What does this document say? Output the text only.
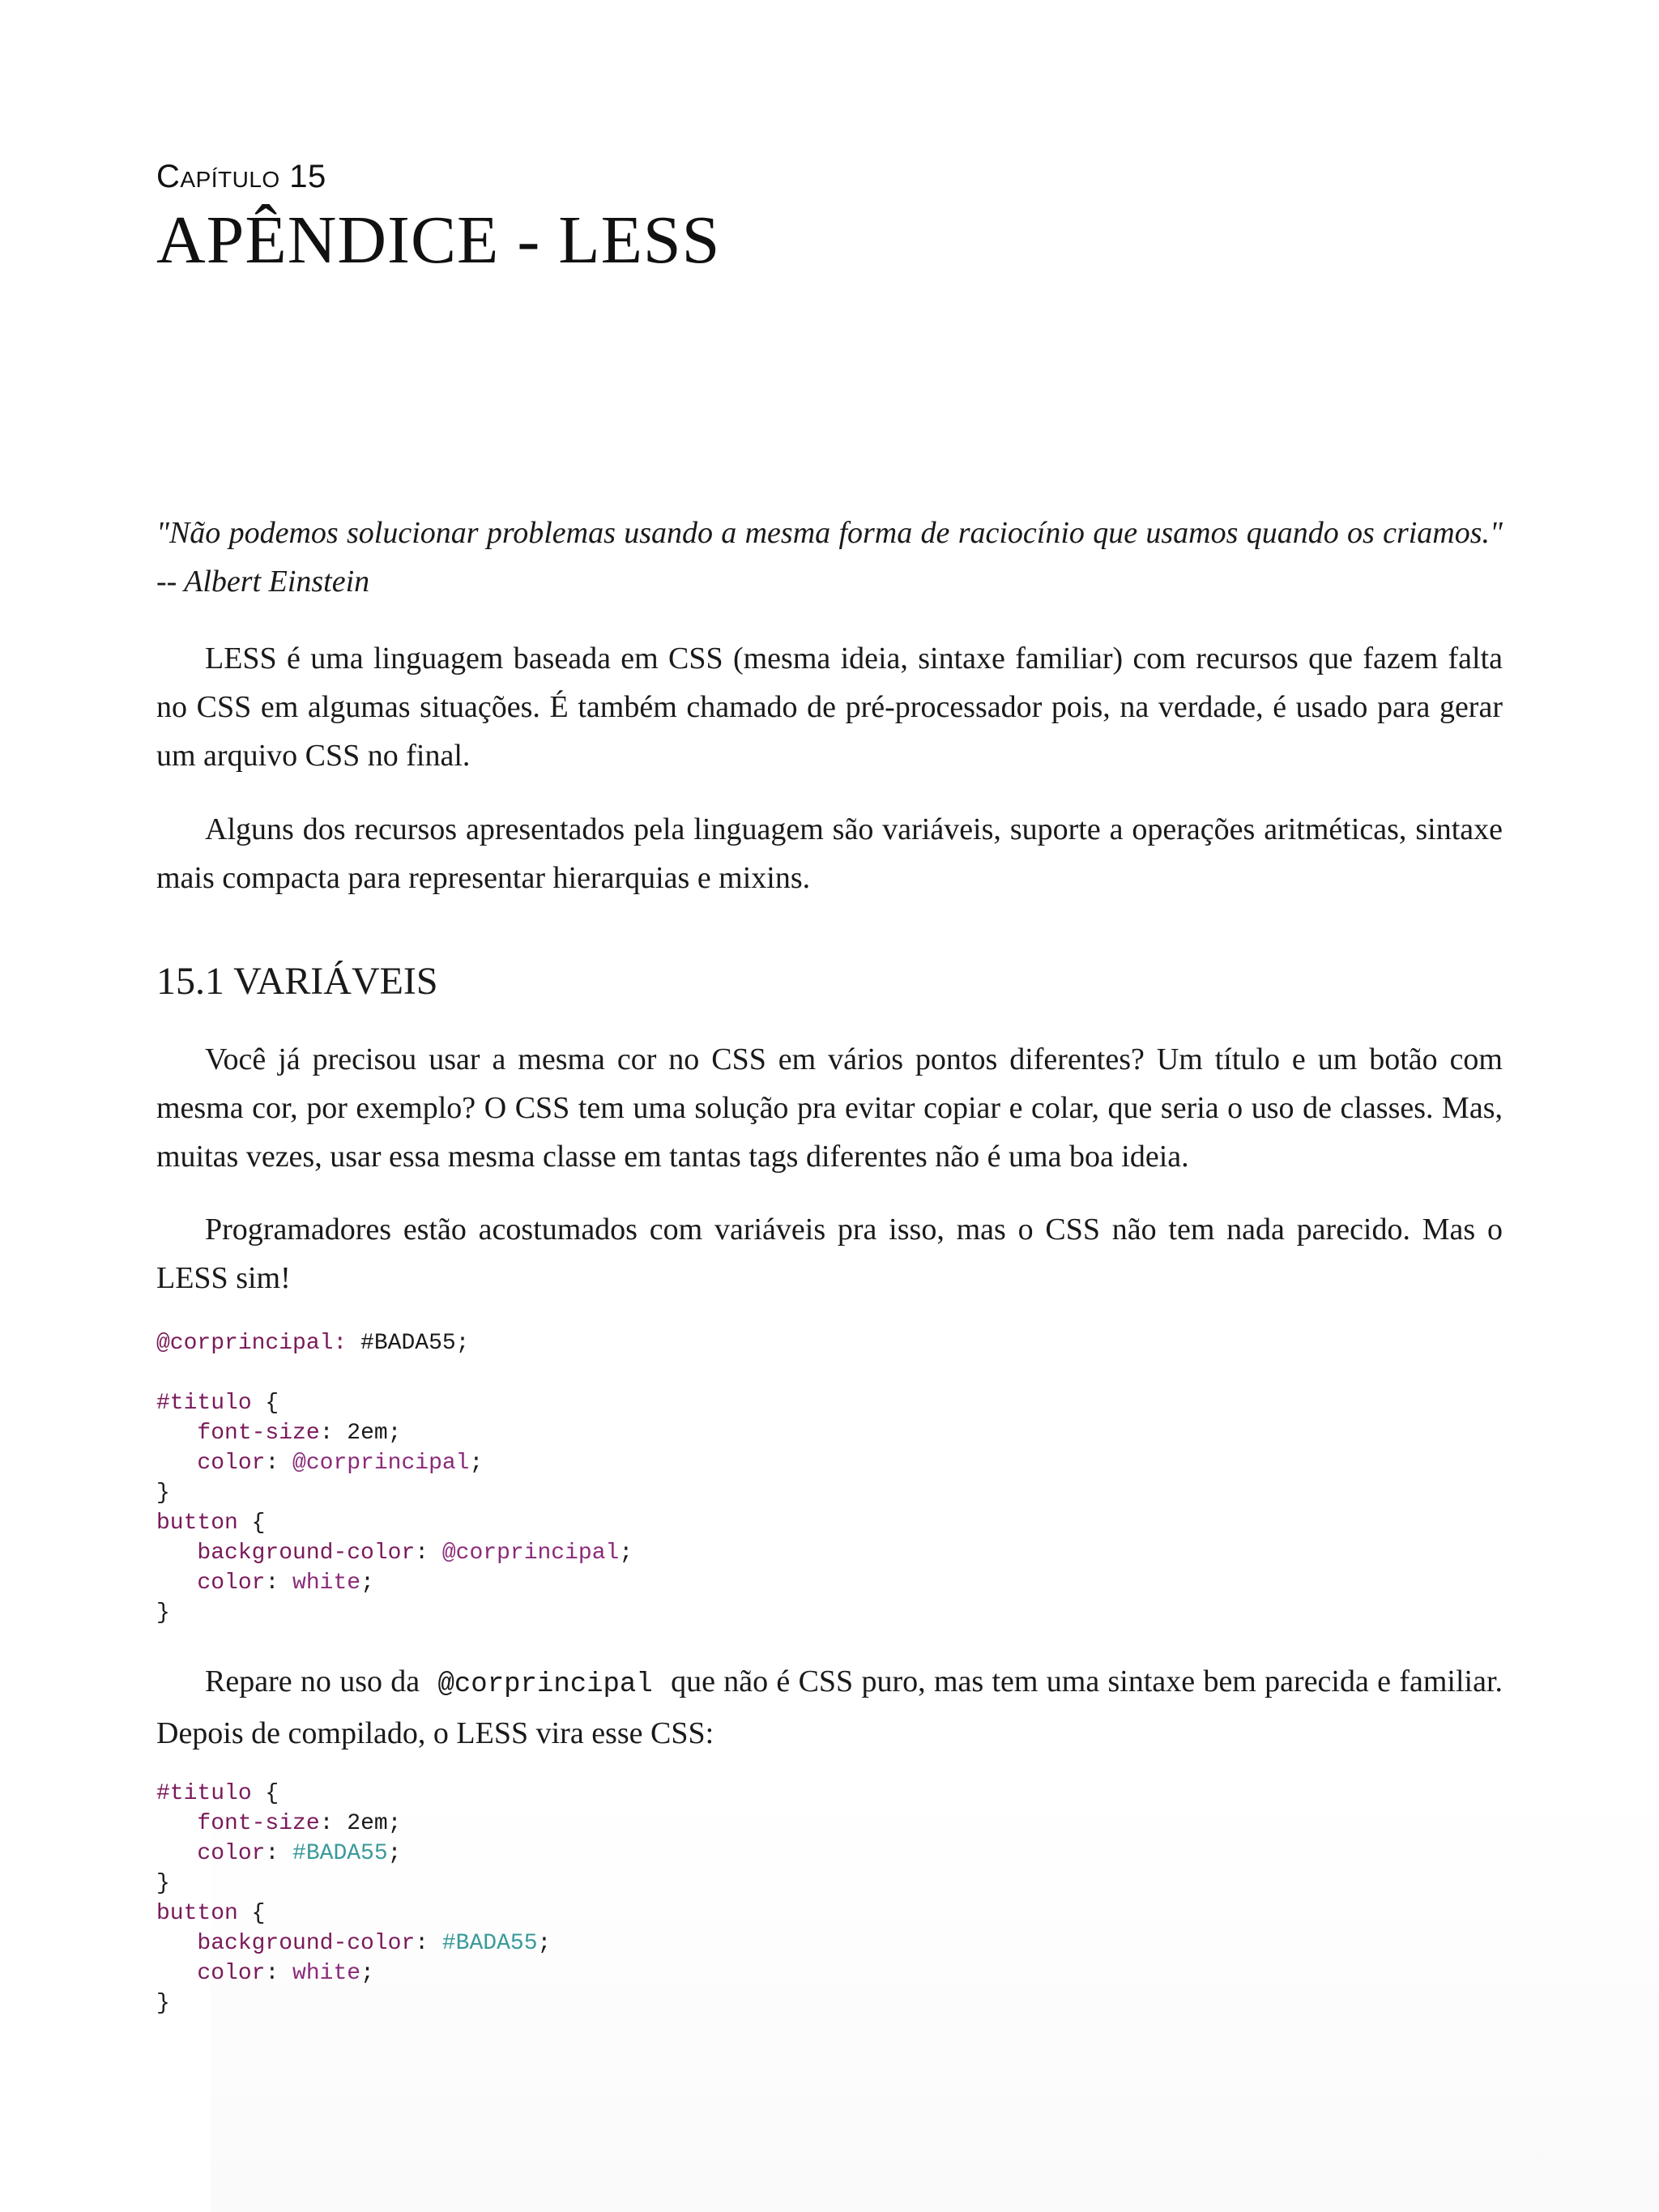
Capítulo 15
APÊNDICE - LESS

"Não podemos solucionar problemas usando a mesma forma de raciocínio que usamos quando os criamos." -- Albert Einstein

LESS é uma linguagem baseada em CSS (mesma ideia, sintaxe familiar) com recursos que fazem falta no CSS em algumas situações. É também chamado de pré-processador pois, na verdade, é usado para gerar um arquivo CSS no final.

Alguns dos recursos apresentados pela linguagem são variáveis, suporte a operações aritméticas, sintaxe mais compacta para representar hierarquias e mixins.

15.1 VARIÁVEIS

Você já precisou usar a mesma cor no CSS em vários pontos diferentes? Um título e um botão com mesma cor, por exemplo? O CSS tem uma solução pra evitar copiar e colar, que seria o uso de classes. Mas, muitas vezes, usar essa mesma classe em tantas tags diferentes não é uma boa ideia.

Programadores estão acostumados com variáveis pra isso, mas o CSS não tem nada parecido. Mas o LESS sim!

@corprincipal: #BADA55;

#titulo {
font-size: 2em;
color: @corprincipal;
}
button {
background-color: @corprincipal;
color: white;
}

Repare no uso da @corprincipal que não é CSS puro, mas tem uma sintaxe bem parecida e familiar. Depois de compilado, o LESS vira esse CSS:

#titulo {
font-size: 2em;
color: #BADA55;
}
button {
background-color: #BADA55;
color: white;
}
